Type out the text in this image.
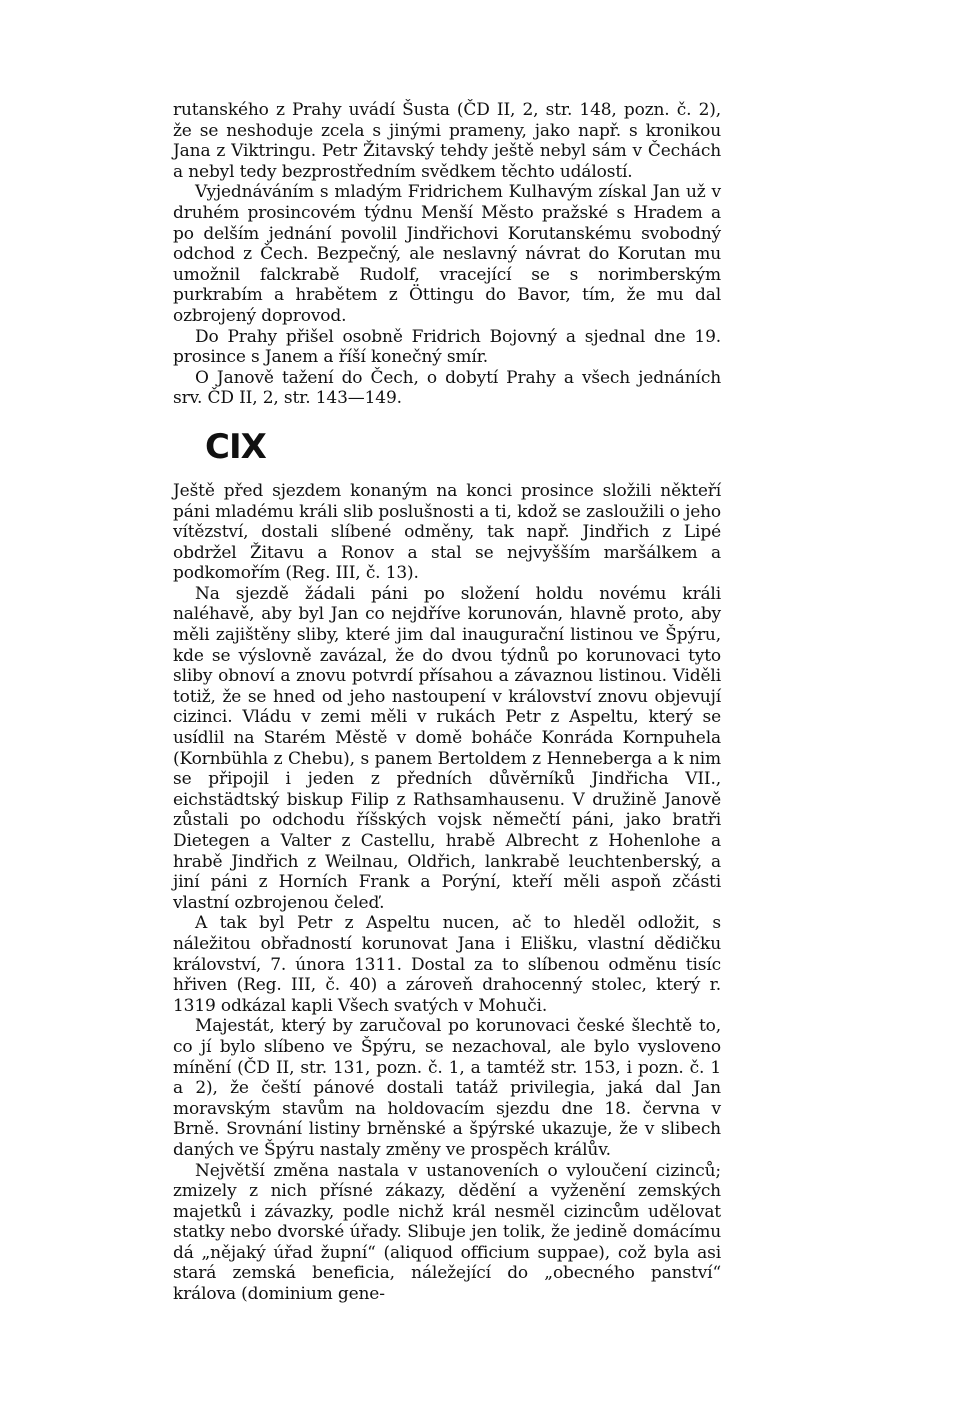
rutanského z Prahy uvádí Šusta (ČD II, 2, str. 148, pozn. č. 2), že se neshoduje zcela s jinými prameny, jako např. s kronikou Jana z Viktringu. Petr Žitavský tehdy ještě nebyl sám v Čechách a nebyl tedy bezprostředním svědkem těchto událostí.

Vyjednáváním s mladým Fridrichem Kulhavým získal Jan už v druhém prosincovém týdnu Menší Město pražské s Hradem a po delším jednání povolil Jindřichovi Korutanskému svobodný odchod z Čech. Bezpečný, ale neslavný návrat do Korutan mu umožnil falckrabě Rudolf, vracející se s norimberským purkrabím a hrabětem z Öttingu do Bavor, tím, že mu dal ozbrojený doprovod.

Do Prahy přišel osobně Fridrich Bojovný a sjednal dne 19. prosince s Janem a říší konečný smír.

O Janově tažení do Čech, o dobytí Prahy a všech jednáních srv. ČD II, 2, str. 143—149.

CIX

Ještě před sjezdem konaným na konci prosince složili někteří páni mladému králi slib poslušnosti a ti, kdož se zasloužili o jeho vítězství, dostali slíbené odměny, tak např. Jindřich z Lipé obdržel Žitavu a Ronov a stal se nejvyšším maršálkem a podkomořím (Reg. III, č. 13).

Na sjezdě žádali páni po složení holdu novému králi naléhavě, aby byl Jan co nejdříve korunován, hlavně proto, aby měli zajištěny sliby, které jim dal inaugurační listinou ve Špýru, kde se výslovně zavázal, že do dvou týdnů po korunovaci tyto sliby obnoví a znovu potvrdí přísahou a závaznou listinou. Viděli totiž, že se hned od jeho nastoupení v království znovu objevují cizinci. Vládu v zemi měli v rukách Petr z Aspeltu, který se usídlil na Starém Městě v domě boháče Konráda Kornpuhela (Kornbühla z Chebu), s panem Bertoldem z Henneberga a k nim se připojil i jeden z předních důvěrníků Jindřicha VII., eichstädtský biskup Filip z Rathsamhausenu. V družině Janově zůstali po odchodu říšských vojsk němečtí páni, jako bratři Dietegen a Valter z Castellu, hrabě Albrecht z Hohenlohe a hrabě Jindřich z Weilnau, Oldřich, lankrabě leuchtenberský, a jiní páni z Horních Frank a Porýní, kteří měli aspoň zčásti vlastní ozbrojenou čeleď.

A tak byl Petr z Aspeltu nucen, ač to hleděl odložit, s náležitou obřadností korunovat Jana i Elišku, vlastní dědičku království, 7. února 1311. Dostal za to slíbenou odměnu tisíc hřiven (Reg. III, č. 40) a zároveň drahocenný stolec, který r. 1319 odkázal kapli Všech svatých v Mohuči.

Majestát, který by zaručoval po korunovaci české šlechtě to, co jí bylo slíbeno ve Špýru, se nezachoval, ale bylo vysloveno mínění (ČD II, str. 131, pozn. č. 1, a tamtéž str. 153, i pozn. č. 1 a 2), že čeští pánové dostali tatáž privilegia, jaká dal Jan moravským stavům na holdovacím sjezdu dne 18. června v Brně. Srovnání listiny brněnské a špýrské ukazuje, že v slibech daných ve Špýru nastaly změny ve prospěch králův.

Největší změna nastala v ustanoveních o vyloučení cizinců; zmizely z nich přísné zákazy, dědění a vyženění zemských majetků i závazky, podle nichž král nesměl cizincům udělovat statky nebo dvorské úřady. Slibuje jen tolik, že jedině domácímu dá „nějaký úřad župní“ (aliquod officium suppae), což byla asi stará zemská beneficia, náležející do „obecného panství“ králova (dominium gene-
